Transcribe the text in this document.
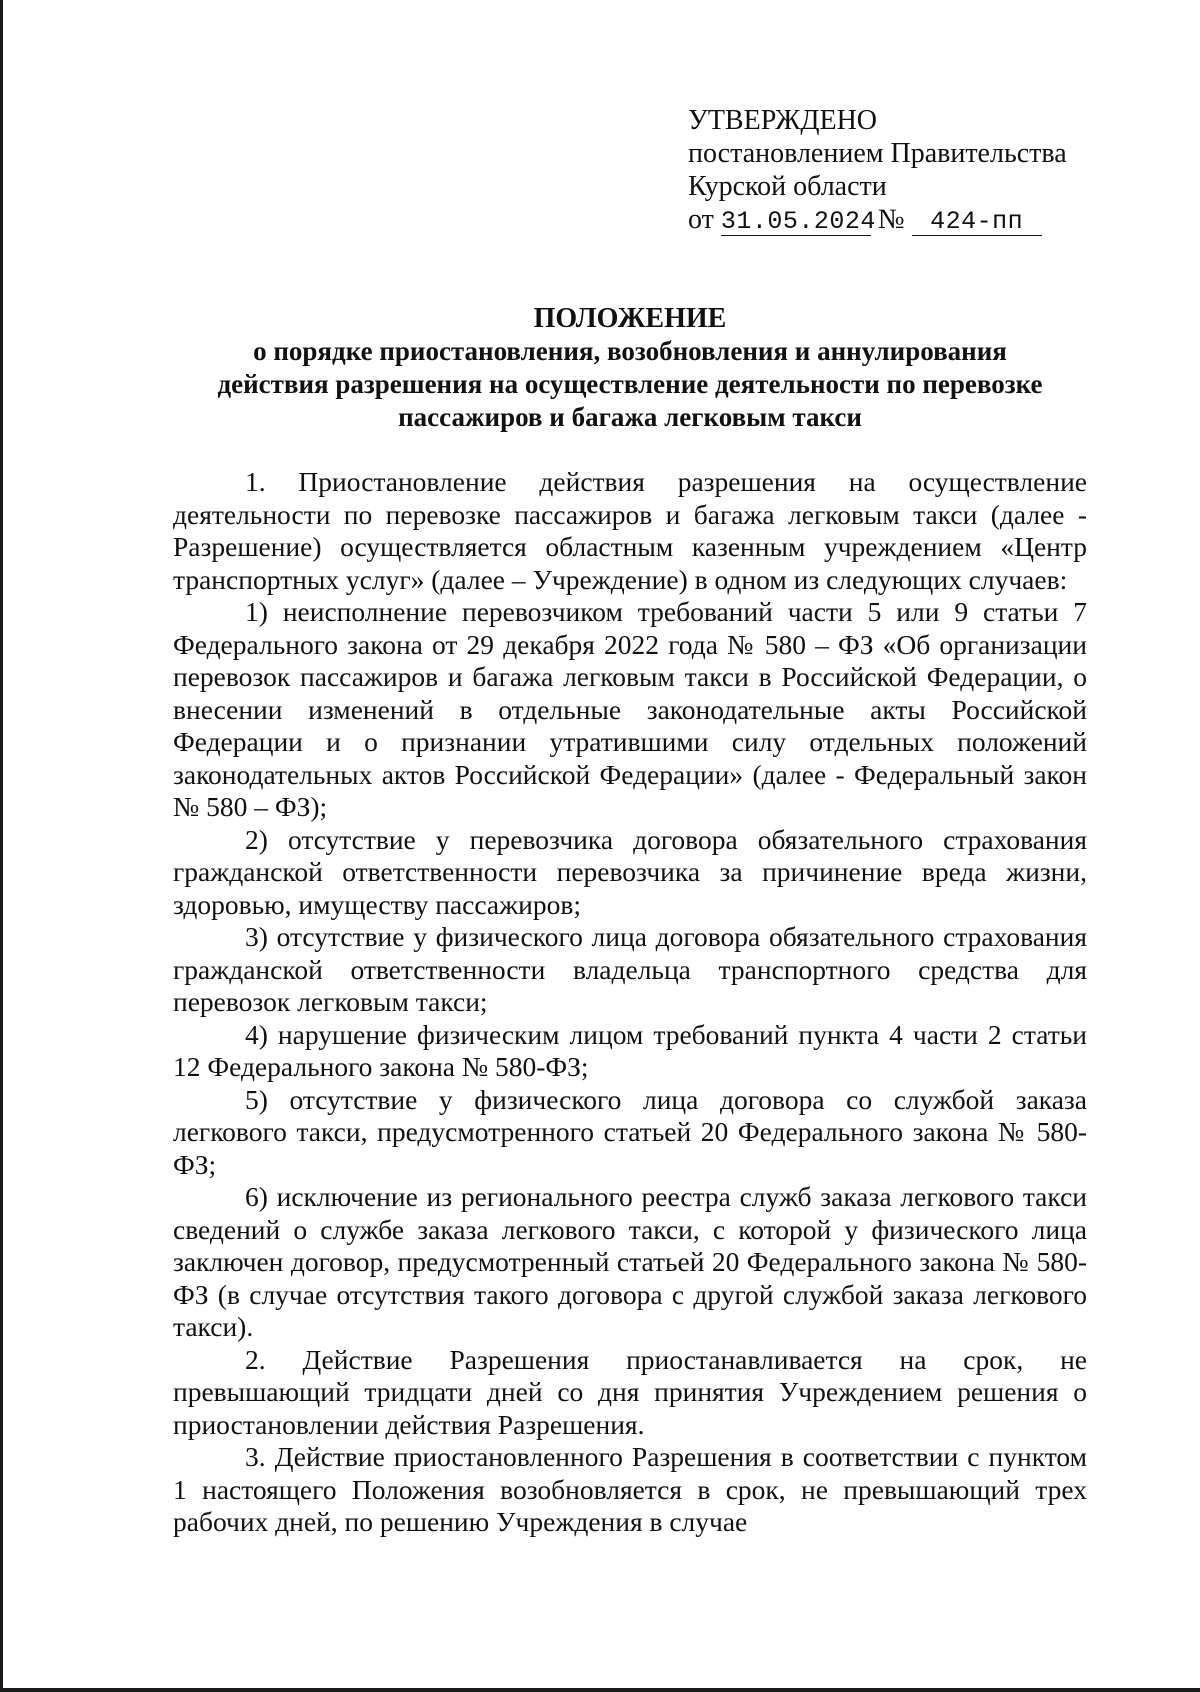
УТВЕРЖДЕНО
постановлением Правительства
Курской области
от 31.05.2024 № 424-пп
ПОЛОЖЕНИЕ
о порядке приостановления, возобновления и аннулирования
действия разрешения на осуществление деятельности по перевозке
пассажиров и багажа легковым такси

1. Приостановление действия разрешения на осуществление деятельности по перевозке пассажиров и багажа легковым такси (далее - Разрешение) осуществляется областным казенным учреждением «Центр транспортных услуг» (далее – Учреждение) в одном из следующих случаев:

1) неисполнение перевозчиком требований части 5 или 9 статьи 7 Федерального закона от 29 декабря 2022 года № 580 – ФЗ «Об организации перевозок пассажиров и багажа легковым такси в Российской Федерации, о внесении изменений в отдельные законодательные акты Российской Федерации и о признании утратившими силу отдельных положений законодательных актов Российской Федерации» (далее - Федеральный закон № 580 – ФЗ);

2) отсутствие у перевозчика договора обязательного страхования гражданской ответственности перевозчика за причинение вреда жизни, здоровью, имуществу пассажиров;

3) отсутствие у физического лица договора обязательного страхования гражданской ответственности владельца транспортного средства для перевозок легковым такси;

4) нарушение физическим лицом требований пункта 4 части 2 статьи 12 Федерального закона № 580-ФЗ;

5) отсутствие у физического лица договора со службой заказа легкового такси, предусмотренного статьей 20 Федерального закона № 580-ФЗ;

6) исключение из регионального реестра служб заказа легкового такси сведений о службе заказа легкового такси, с которой у физического лица заключен договор, предусмотренный статьей 20 Федерального закона № 580-ФЗ (в случае отсутствия такого договора с другой службой заказа легкового такси).

2. Действие Разрешения приостанавливается на срок, не превышающий тридцати дней со дня принятия Учреждением решения о приостановлении действия Разрешения.

3. Действие приостановленного Разрешения в соответствии с пунктом 1 настоящего Положения возобновляется в срок, не превышающий трех рабочих дней, по решению Учреждения в случае
